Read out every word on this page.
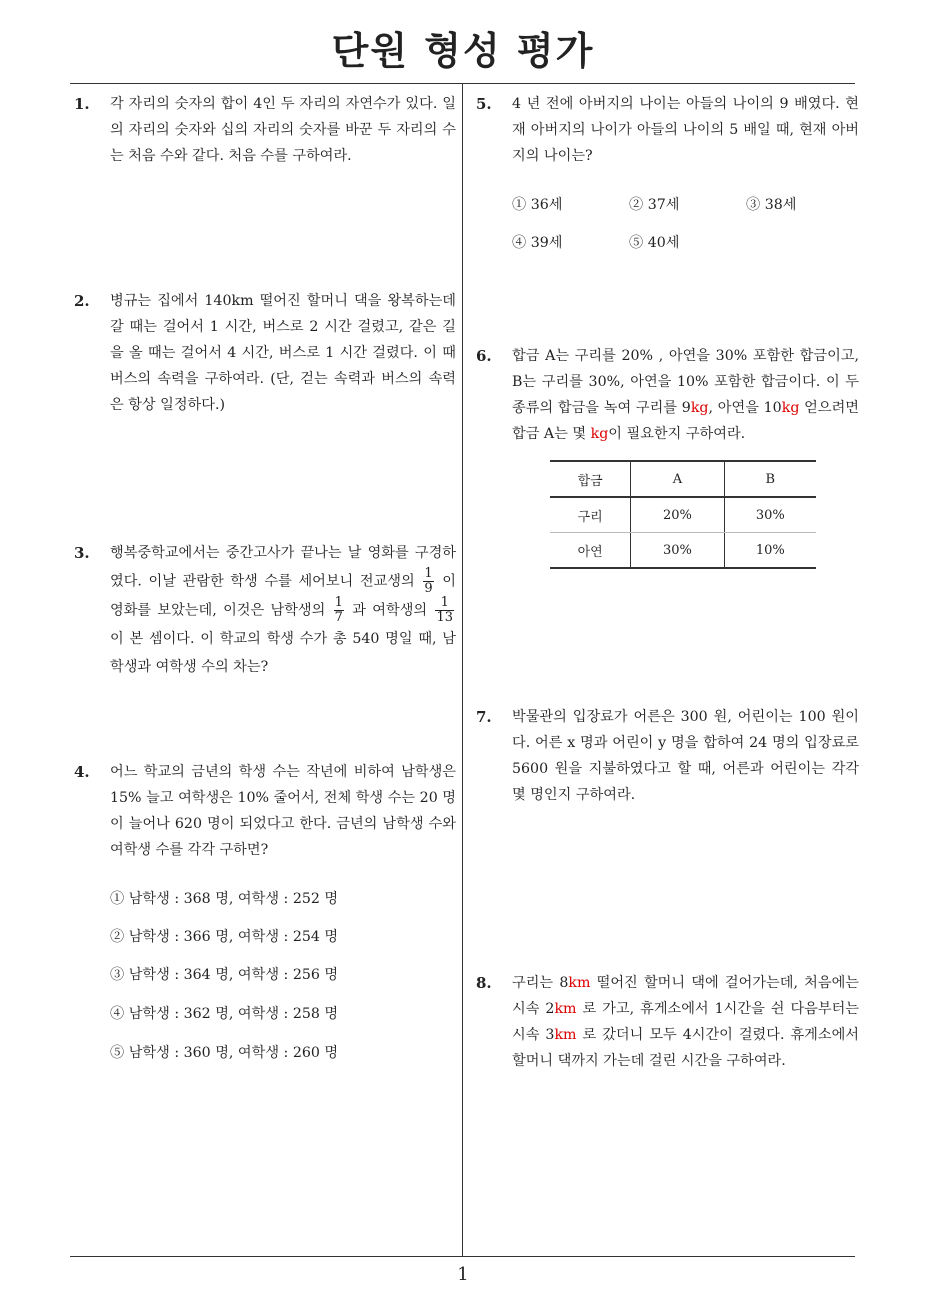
단원 형성 평가
1
1. 각 자리의 숫자의 합이 4인 두 자리의 자연수가 있다. 일의 자리의 숫자와 십의 자리의 숫자를 바꾼 두 자리의 수는 처음 수와 같다. 처음 수를 구하여라.
2. 병규는 집에서 140km 떨어진 할머니 댁을 왕복하는데 갈 때는 걸어서 1 시간, 버스로 2 시간 걸렸고, 같은 길을 올 때는 걸어서 4 시간, 버스로 1 시간 걸렸다. 이 때 버스의 속력을 구하여라. (단, 걷는 속력과 버스의 속력은 항상 일정하다.)
3. 행복중학교에서는 중간고사가 끝나는 날 영화를 구경하였다. 이날 관람한 학생 수를 세어보니 전교생의 $\frac{1}{9}$ 이 영화를 보았는데, 이것은 남학생의 $\frac{1}{7}$ 과 여학생의 $\frac{1}{13}$
이 본 셈이다. 이 학교의 학생 수가 총 540 명일 때, 남학생과 여학생 수의 차는?
4. 어느 학교의 금년의 학생 수는 작년에 비하여 남학생은 15% 늘고 여학생은 10% 줄어서, 전체 학생 수는 20 명이 늘어나 620 명이 되었다고 한다. 금년의 남학생 수와 여학생 수를 각각 구하면?
① 남학생 : 368 명, 여학생 : 252 명
② 남학생 : 366 명, 여학생 : 254 명
③ 남학생 : 364 명, 여학생 : 256 명
④ 남학생 : 362 명, 여학생 : 258 명
⑤ 남학생 : 360 명, 여학생 : 260 명
5. 4 년 전에 아버지의 나이는 아들의 나이의 9 배였다. 현재 아버지의 나이가 아들의 나이의 5 배일 때, 현재 아버지의 나이는?
① 36세	② 37세	③ 38세
④ 39세	⑤ 40세
6. 합금 A는 구리를 20% , 아연을 30% 포함한 합금이고, B는 구리를 30%, 아연을 10% 포함한 합금이다. 이 두 종류의 합금을 녹여 구리를 9kg, 아연을 10kg 얻으려면 합금 A는 몇 kg이 필요한지 구하여라.
합금	A	B
구리	20%	30%
아연	30%	10%
7. 박물관의 입장료가 어른은 300 원, 어린이는 100 원이다. 어른 x 명과 어린이 y 명을 합하여 24 명의 입장료로 5600 원을 지불하였다고 할 때, 어른과 어린이는 각각 몇 명인지 구하여라.
8. 구리는 8km 떨어진 할머니 댁에 걸어가는데, 처음에는 시속 2km 로 가고, 휴게소에서 1시간을 쉰 다음부터는 시속 3km 로 갔더니 모두 4시간이 걸렸다. 휴게소에서 할머니 댁까지 가는데 걸린 시간을 구하여라.
